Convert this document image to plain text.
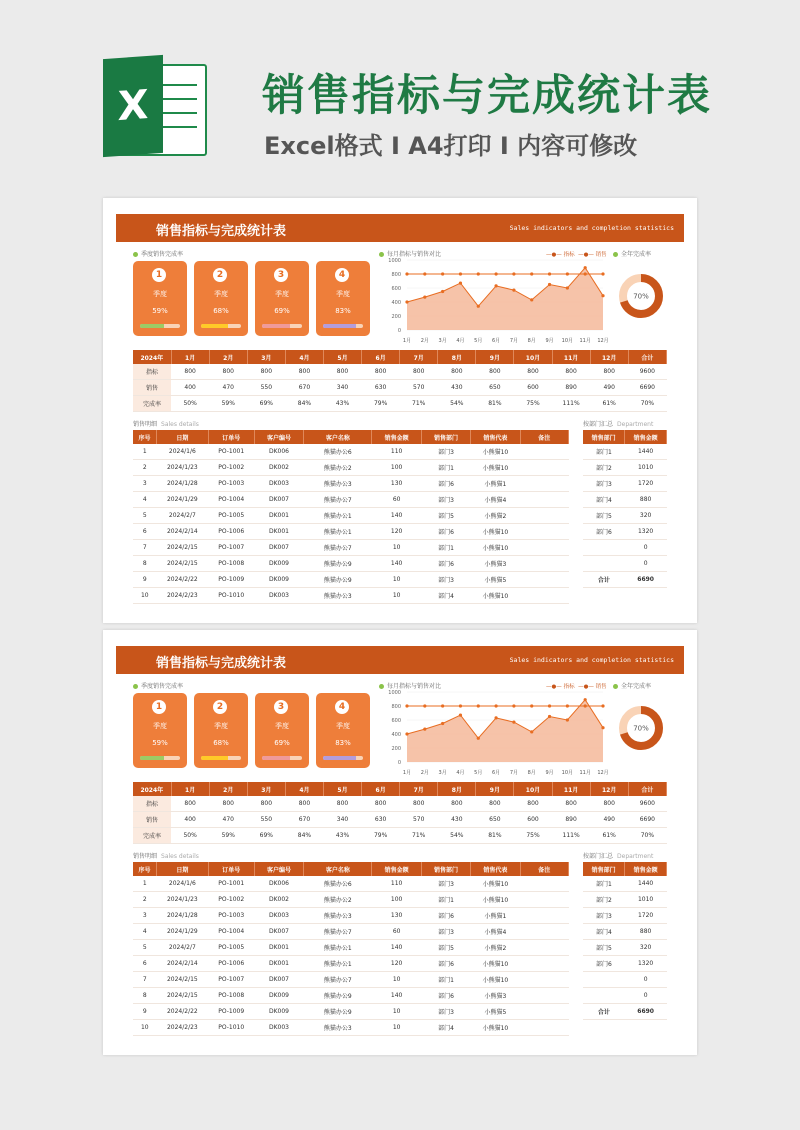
X	销售指标与完成统计表
Excel格式 I A4打印 I 内容可修改
销售指标与完成统计表	Sales indicators and completion statistics
季度销售完成率	每月指标与销售对比	—●— 指标  —●— 销售	全年完成率
1
季度
59%
2
季度
68%
3
季度
69%
4
季度
83%
1000
800
600
400
200
0
1月 2月 3月 4月 5月 6月 7月 8月 9月 10月 11月 12月
70%
2024年	1月	2月	3月	4月	5月	6月	7月	8月	9月	10月	11月	12月	合计
指标	800	800	800	800	800	800	800	800	800	800	800	800	9600
销售	400	470	550	670	340	630	570	430	650	600	890	490	6690
完成率	50%	59%	69%	84%	43%	79%	71%	54%	81%	75%	111%	61%	70%
销售明细 Sales details	按部门汇总 Department
序号	日期	订单号	客户编号	客户名称	销售金额	销售部门	销售代表	备注
1	2024/1/6	PO-1001	DK006	熊猫办公6	110	部门3	小熊猫10	
2	2024/1/23	PO-1002	DK002	熊猫办公2	100	部门1	小熊猫10	
3	2024/1/28	PO-1003	DK003	熊猫办公3	130	部门6	小熊猫1	
4	2024/1/29	PO-1004	DK007	熊猫办公7	60	部门3	小熊猫4	
5	2024/2/7	PO-1005	DK001	熊猫办公1	140	部门5	小熊猫2	
6	2024/2/14	PO-1006	DK001	熊猫办公1	120	部门6	小熊猫10	
7	2024/2/15	PO-1007	DK007	熊猫办公7	10	部门1	小熊猫10	
8	2024/2/15	PO-1008	DK009	熊猫办公9	140	部门6	小熊猫3	
9	2024/2/22	PO-1009	DK009	熊猫办公9	10	部门3	小熊猫5	
10	2024/2/23	PO-1010	DK003	熊猫办公3	10	部门4	小熊猫10	
销售部门	销售金额
部门1	1440
部门2	1010
部门3	1720
部门4	880
部门5	320
部门6	1320
	0
	0
合计	6690
销售指标与完成统计表	Sales indicators and completion statistics
季度销售完成率	每月指标与销售对比	—●— 指标  —●— 销售	全年完成率
1
季度
59%
2
季度
68%
3
季度
69%
4
季度
83%
1000
800
600
400
200
0
1月 2月 3月 4月 5月 6月 7月 8月 9月 10月 11月 12月
70%
2024年	1月	2月	3月	4月	5月	6月	7月	8月	9月	10月	11月	12月	合计
指标	800	800	800	800	800	800	800	800	800	800	800	800	9600
销售	400	470	550	670	340	630	570	430	650	600	890	490	6690
完成率	50%	59%	69%	84%	43%	79%	71%	54%	81%	75%	111%	61%	70%
销售明细 Sales details	按部门汇总 Department
序号	日期	订单号	客户编号	客户名称	销售金额	销售部门	销售代表	备注
1	2024/1/6	PO-1001	DK006	熊猫办公6	110	部门3	小熊猫10	
2	2024/1/23	PO-1002	DK002	熊猫办公2	100	部门1	小熊猫10	
3	2024/1/28	PO-1003	DK003	熊猫办公3	130	部门6	小熊猫1	
4	2024/1/29	PO-1004	DK007	熊猫办公7	60	部门3	小熊猫4	
5	2024/2/7	PO-1005	DK001	熊猫办公1	140	部门5	小熊猫2	
6	2024/2/14	PO-1006	DK001	熊猫办公1	120	部门6	小熊猫10	
7	2024/2/15	PO-1007	DK007	熊猫办公7	10	部门1	小熊猫10	
8	2024/2/15	PO-1008	DK009	熊猫办公9	140	部门6	小熊猫3	
9	2024/2/22	PO-1009	DK009	熊猫办公9	10	部门3	小熊猫5	
10	2024/2/23	PO-1010	DK003	熊猫办公3	10	部门4	小熊猫10	
销售部门	销售金额
部门1	1440
部门2	1010
部门3	1720
部门4	880
部门5	320
部门6	1320
	0
	0
合计	6690
